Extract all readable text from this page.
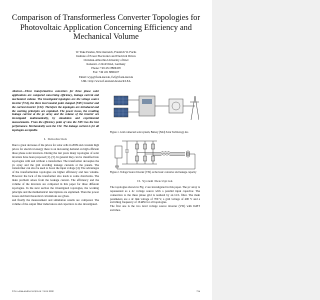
Comparison of Transformerless Converter Topologies for Photovoltaic Application Concerning Efficiency and Mechanical Volume
W. Yuke Pandan, Nils Oestreich, Friedrich W. Fuchs
Institute of Power Electronics and Electrical Drives
Christian-Albrechts-University of Kiel
Kaiserstr. 2 24143 Kiel, Germany
Phone: +49 431 8806108
Fax: +49 431 8806107
Email: wyp@tf.uni-kiel.de, fwf@tf.uni-kiel.de
URL: http://www.tf.uni-kiel.de/etech/LEA
Abstract—Three transformerless converters for three phase solar applications are compared concerning efficiency, leakage current and mechanical volume. The investigated topologies are the voltage source inverter (VSI), the three level neutral point clamped (NPC) inverter and the current inverter (CSI). Therefore the topologies are introduced and the working principles are explained. The power losses, the resulting leakage current at the pv array and the volume of the inverter are investigated mathematically, by simulation and experimental measurements. From the efficiency point of view the NPC has the best performance. Mechanically seen the CSI. The leakage current is for all topologies acceptable.
I. Introduction
Due to great decrease of the prices for solar cells in 2009 and constant high prices for electrical energy there is an increasing demand on high efficient three phase solar inverters. During the last years many topologies of solar inverters have been proposed [1]–[5]. In general they can be classified into topologies with and without a transformer. The transformer decouples the pv array and the grid avoiding leakage currents at the panels. The transformer can also be used to boost the input voltage [4]. The advantages of the transformerless topologies are higher efficiency and less volume. However the lack of the transformer also leads to some drawbacks. The main problem arises from the leakage current. The efficiency and the volume of the inverters are compared in this paper for three different topologies. In the next section the investigated topologies, the working principle and the mathematical descriptions are explained. Then the power losses and their theoretical calculations are given.
and finally the measurement and simulation results are compared. The volume of the output filter inductances and capacitors is also investigated.
Figure 1. Grid connected solar system, Battery (Ndd) Solar Technology AG
Figure 2. Voltage Source Inverter (VSI) as the basic converter and leakage capacity
II. System Description
The topologies shown in Fig. 2 are investigated in this paper. The pv array is represented as a dc voltage source with a parallel input capacitor. The connection to the three phase grid is realized by an LCL filter. The main parameters are a dc link voltage of 700 V, a grid voltage of 400 V and a switching frequency of 16 kHz for all topologies.
The first one is the two level voltage source inverter (VSI) with IGBT switches.
978-1-4244-4649-0/10/$25.00 ©2010 IEEE	724
